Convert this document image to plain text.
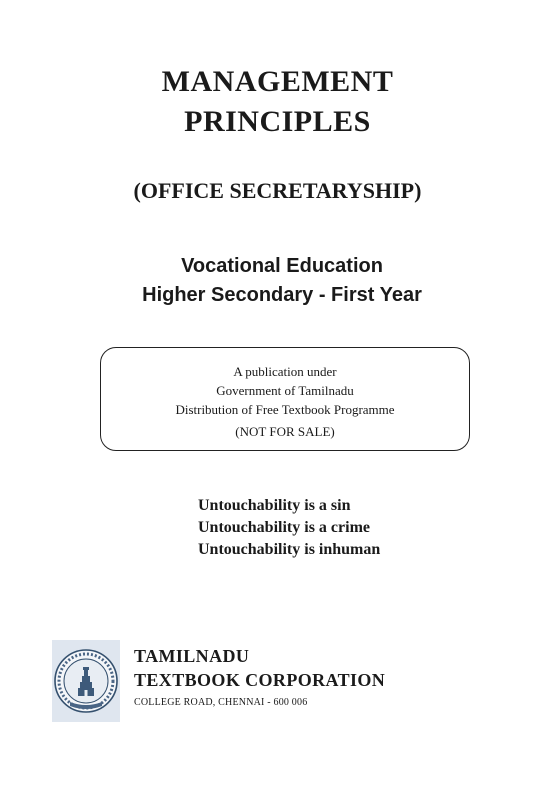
MANAGEMENT
PRINCIPLES
(OFFICE SECRETARYSHIP)
Vocational Education
Higher Secondary - First Year
A publication under
Government of Tamilnadu
Distribution of Free Textbook Programme
(NOT FOR SALE)
Untouchability is a sin
Untouchability is a crime
Untouchability is inhuman
TAMILNADU
TEXTBOOK CORPORATION
COLLEGE ROAD, CHENNAI - 600 006
